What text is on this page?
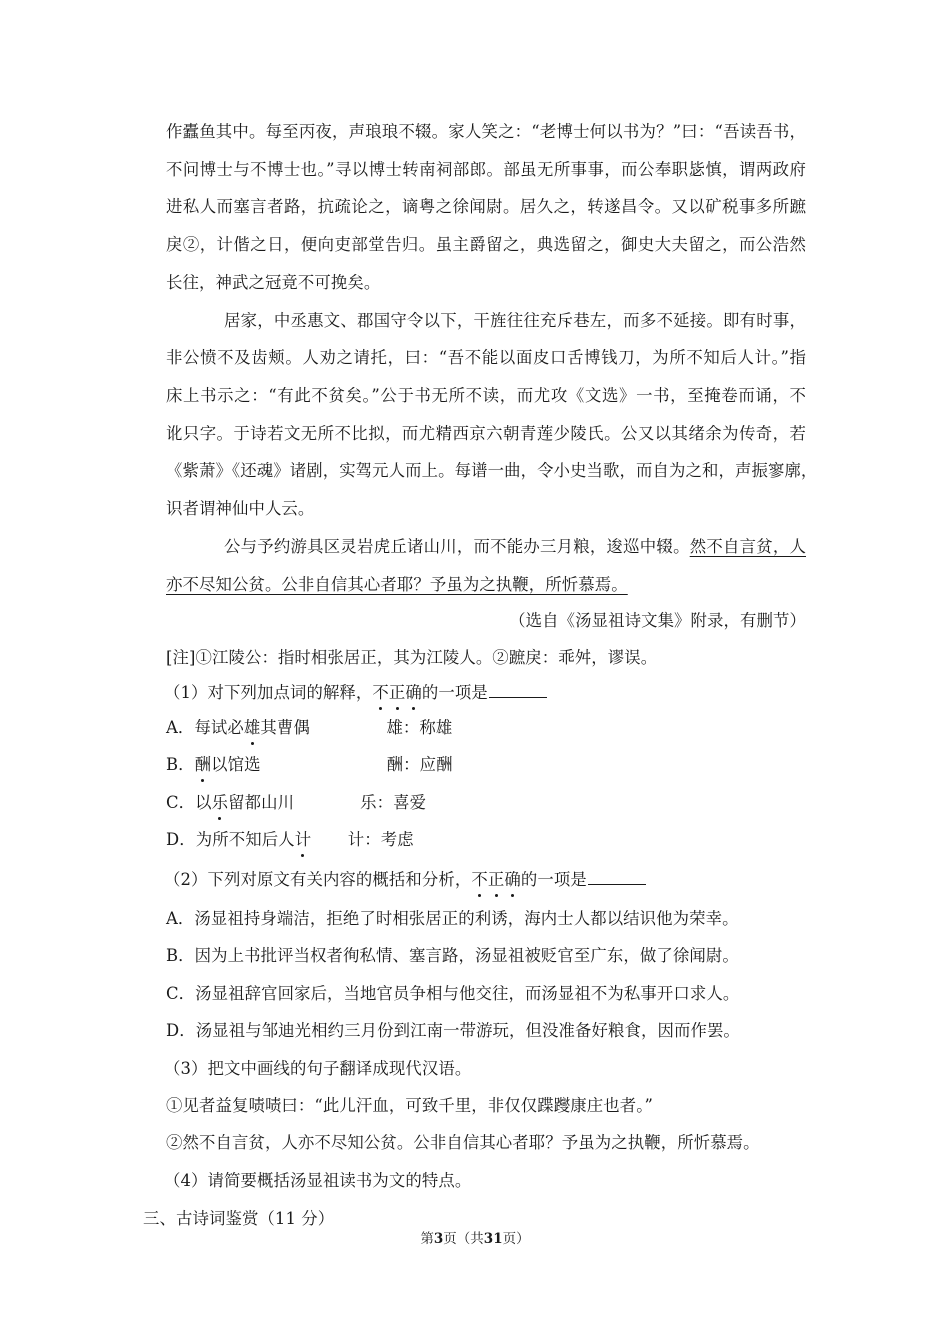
作蠹鱼其中。每至丙夜，声琅琅不辍。家人笑之：“老博士何以书为？”曰：“吾读吾书，
不问博士与不博士也。”寻以博士转南祠部郎。部虽无所事事，而公奉职毖慎，谓两政府
进私人而塞言者路，抗疏论之，谪粤之徐闻尉。居久之，转遂昌令。又以矿税事多所蹠
戾②，计偕之日，便向吏部堂告归。虽主爵留之，典选留之，御史大夫留之，而公浩然
长往，神武之冠竟不可挽矣。
居家，中丞惠文、郡国守令以下，干旌往往充斥巷左，而多不延接。即有时事，
非公愤不及齿颊。人劝之请托，曰：“吾不能以面皮口舌博钱刀，为所不知后人计。”指
床上书示之：“有此不贫矣。”公于书无所不读，而尤攻《文选》一书，至掩卷而诵，不
讹只字。于诗若文无所不比拟，而尤精西京六朝青莲少陵氏。公又以其绪余为传奇，若
《紫萧》《还魂》诸剧，实驾元人而上。每谱一曲，令小史当歌，而自为之和，声振寥廓，
识者谓神仙中人云。
公与予约游具区灵岩虎丘诸山川，而不能办三月粮，逡巡中辍。然不自言贫，人
亦不尽知公贫。公非自信其心者耶？予虽为之执鞭，所忻慕焉。
（选自《汤显祖诗文集》附录，有删节）
[注]①江陵公：指时相张居正，其为江陵人。②蹠戾：乖舛，谬误。
（1）对下列加点词的解释，不正确的一项是
A．每试必雄其曹偶	雄：称雄
B．酬以馆选	酬：应酬
C．以乐留都山川	乐：喜爱
D．为所不知后人计 计：考虑
（2）下列对原文有关内容的概括和分析，不正确的一项是
A．汤显祖持身端洁，拒绝了时相张居正的利诱，海内士人都以结识他为荣幸。
B．因为上书批评当权者徇私情、塞言路，汤显祖被贬官至广东，做了徐闻尉。
C．汤显祖辞官回家后，当地官员争相与他交往，而汤显祖不为私事开口求人。
D．汤显祖与邹迪光相约三月份到江南一带游玩，但没准备好粮食，因而作罢。
（3）把文中画线的句子翻译成现代汉语。
①见者益复啧啧曰：“此儿汗血，可致千里，非仅仅蹀躞康庄也者。”
②然不自言贫，人亦不尽知公贫。公非自信其心者耶？予虽为之执鞭，所忻慕焉。
（4）请简要概括汤显祖读书为文的特点。
三、古诗词鉴赏（11 分）
第3页（共31页）
